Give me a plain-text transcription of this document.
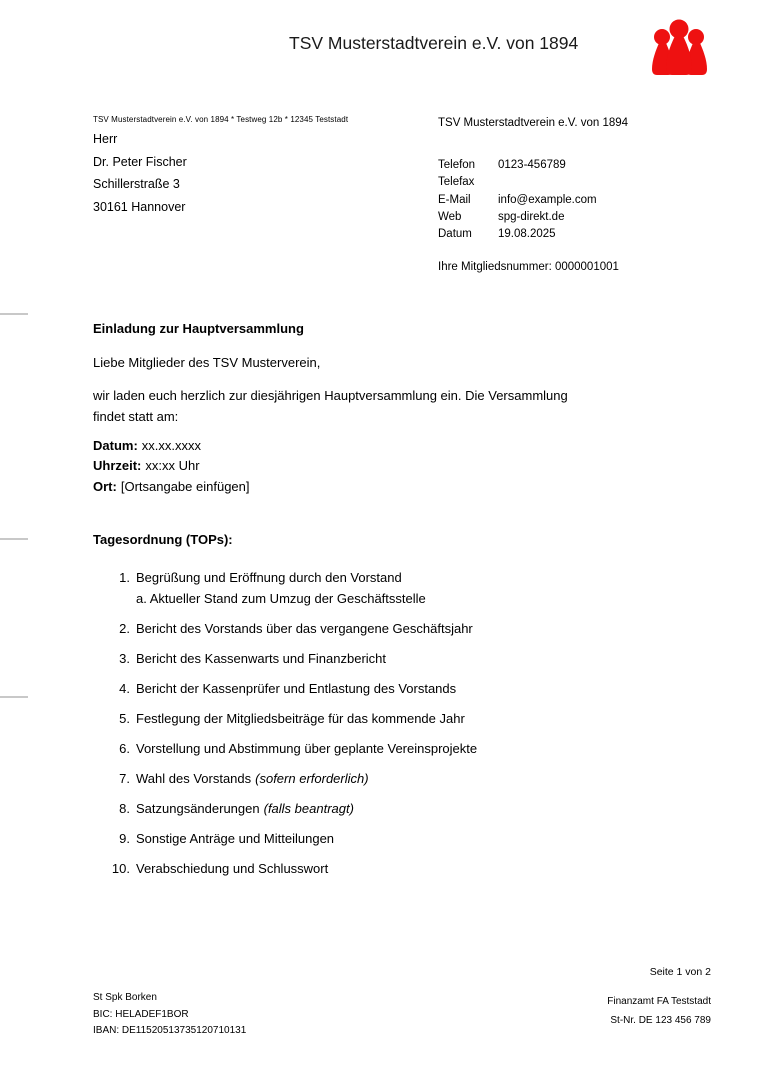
TSV Musterstadtverein e.V. von 1894
TSV Musterstadtverein e.V. von 1894 * Testweg 12b * 12345 Teststadt
Herr
Dr. Peter Fischer
Schillerstraße 3
30161 Hannover
TSV Musterstadtverein e.V. von 1894
Telefon	0123-456789
Telefax
E-Mail	info@example.com
Web	spg-direkt.de
Datum	19.08.2025
Ihre Mitgliedsnummer: 0000001001
Einladung zur Hauptversammlung
Liebe Mitglieder des TSV Musterverein,
wir laden euch herzlich zur diesjährigen Hauptversammlung ein. Die Versammlung
findet statt am:
Datum: xx.xx.xxxx
Uhrzeit: xx:xx Uhr
Ort: [Ortsangabe einfügen]
Tagesordnung (TOPs):
1. Begrüßung und Eröffnung durch den Vorstand
a. Aktueller Stand zum Umzug der Geschäftsstelle
2. Bericht des Vorstands über das vergangene Geschäftsjahr
3. Bericht des Kassenwarts und Finanzbericht
4. Bericht der Kassenprüfer und Entlastung des Vorstands
5. Festlegung der Mitgliedsbeiträge für das kommende Jahr
6. Vorstellung und Abstimmung über geplante Vereinsprojekte
7. Wahl des Vorstands (sofern erforderlich)
8. Satzungsänderungen (falls beantragt)
9. Sonstige Anträge und Mitteilungen
10. Verabschiedung und Schlusswort
Seite 1 von 2
St Spk Borken
BIC: HELADEF1BOR
IBAN: DE11520513735120710131
Finanzamt FA Teststadt
St-Nr. DE 123 456 789
